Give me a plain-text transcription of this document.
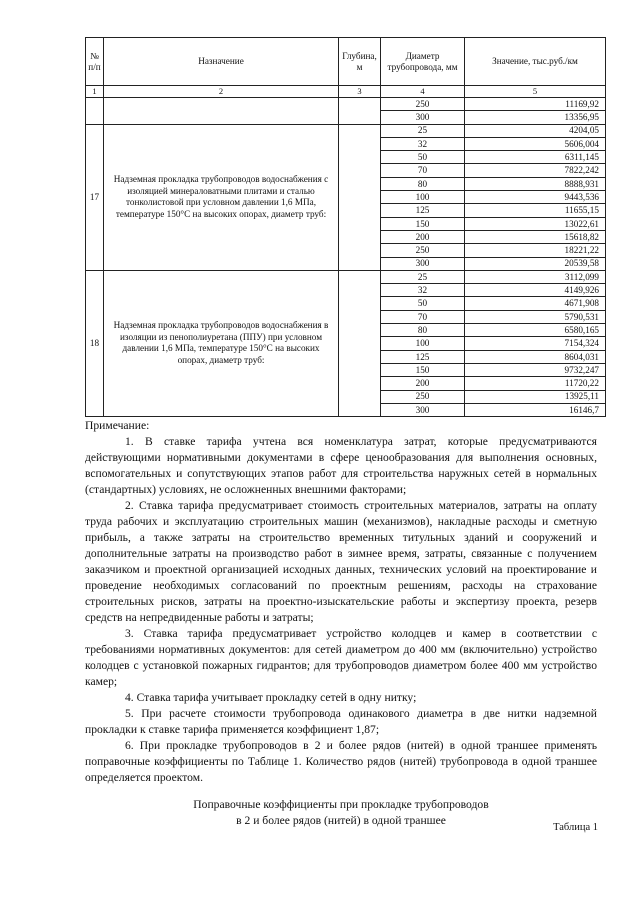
№ п/п	Назначение	Глубина, м	Диаметр трубопровода, мм	Значение, тыс.руб./км
1	2	3	4	5
			250	11169,92
			300	13356,95
17	Надземная прокладка трубопроводов водоснабжения с изоляцией минераловатными плитами и сталью тонколистовой при условном давлении 1,6 МПа, температуре 150°С на высоких опорах, диаметр труб:		25	4204,05
			32	5606,004
			50	6311,145
			70	7822,242
			80	8888,931
			100	9443,536
			125	11655,15
			150	13022,61
			200	15618,82
			250	18221,22
			300	20539,58
18	Надземная прокладка трубопроводов водоснабжения в изоляции из пенополиуретана (ППУ) при условном давлении 1,6 МПа, температуре 150°С на высоких опорах, диаметр труб:		25	3112,099
			32	4149,926
			50	4671,908
			70	5790,531
			80	6580,165
			100	7154,324
			125	8604,031
			150	9732,247
			200	11720,22
			250	13925,11
			300	16146,7

Примечание:

1. В ставке тарифа учтена вся номенклатура затрат, которые предусматриваются действующими нормативными документами в сфере ценообразования для выполнения основных, вспомогательных и сопутствующих этапов работ для строительства наружных сетей в нормальных (стандартных) условиях, не осложненных внешними факторами;

2. Ставка тарифа предусматривает стоимость строительных материалов, затраты на оплату труда рабочих и эксплуатацию строительных машин (механизмов), накладные расходы и сметную прибыль, а также затраты на строительство временных титульных зданий и сооружений и дополнительные затраты на производство работ в зимнее время, затраты, связанные с получением заказчиком и проектной организацией исходных данных, технических условий на проектирование и проведение необходимых согласований по проектным решениям, расходы на страхование строительных рисков, затраты на проектно-изыскательские работы и экспертизу проекта, резерв средств на непредвиденные работы и затраты;

3. Ставка тарифа предусматривает устройство колодцев и камер в соответствии с требованиями нормативных документов: для сетей диаметром до 400 мм (включительно) устройство колодцев с установкой пожарных гидрантов; для трубопроводов диаметром более 400 мм устройство камер;

4. Ставка тарифа учитывает прокладку сетей в одну нитку;

5. При расчете стоимости трубопровода одинакового диаметра в две нитки надземной прокладки к ставке тарифа применяется коэффициент 1,87;

6. При прокладке трубопроводов в 2 и более рядов (нитей) в одной траншее применять поправочные коэффициенты по Таблице 1. Количество рядов (нитей) трубопровода в одной траншее определяется проектом.

Поправочные коэффициенты при прокладке трубопроводов
в 2 и более рядов (нитей) в одной траншее
Таблица 1
